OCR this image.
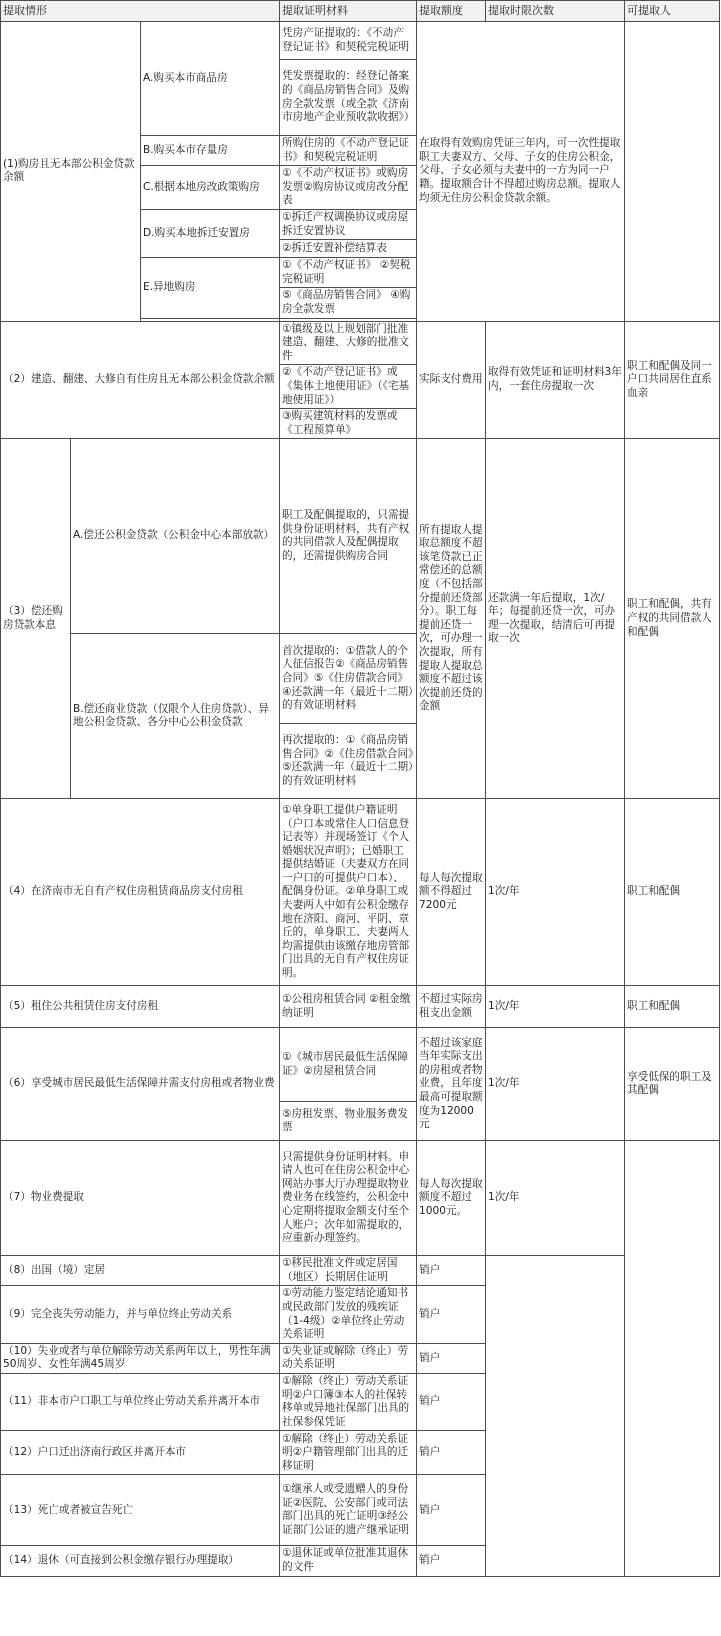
提取情形			提取证明材料	提取额度	提取时限次数	可提取人
(1)购房且无本部公积金贷款余额		A.购买本市商品房	凭房产证提取的：《不动产登记证书》和契税完税证明	在取得有效购房凭证三年内，可一次性提取职工夫妻双方、父母、子女的住房公积金，父母、子女必须与夫妻中的一方为同一户籍。提取额合计不得超过购房总额。提取人均须无住房公积金贷款余额。		
			凭发票提取的：经登记备案的《商品房销售合同》及购房全款发票（或全款《济南市房地产企业预收款收据》）			
		B.购买本市存量房	所购住房的《不动产登记证书》和契税完税证明			
		C.根据本地房改政策购房	①《不动产权证书》或购房发票②购房协议或房改分配表			
		D.购买本地拆迁安置房	①拆迁产权调换协议或房屋拆迁安置协议			
			②拆迁安置补偿结算表			
		E.异地购房	①《不动产权证书》 ②契税完税证明			
			⑤《商品房销售合同》 ④购房全款发票			

（2）建造、翻建、大修自有住房且无本部公积金贷款余额			①镇级及以上规划部门批准建造、翻建、大修的批准文件	实际支付费用	取得有效凭证和证明材料3年内，一套住房提取一次	职工和配偶及同一户口共同居住直系血亲
			②《不动产登记证书》或《集体土地使用证》（《宅基地使用证》）			
			③购买建筑材料的发票或《工程预算单》			
（3）偿还购房贷款本息	A.偿还公积金贷款（公积金中心本部放款）		职工及配偶提取的，只需提供身份证明材料，共有产权的共同借款人及配偶提取的，还需提供购房合同	所有提取人提取总额度不超该笔贷款已正常偿还的总额度（不包括部分提前还贷部分）。职工每提前还贷一次，可办理一次提取，所有提取人提取总额度不超过该次提前还贷的金额	还款满一年后提取，1次/年；每提前还贷一次，可办理一次提取，结清后可再提取一次	职工和配偶，共有产权的共同借款人和配偶
	B.偿还商业贷款（仅限个人住房贷款）、异地公积金贷款、各分中心公积金贷款		首次提取的：①借款人的个人征信报告②《商品房销售合同》⑤《住房借款合同》④还款满一年（最近十二期）的有效证明材料			
			再次提取的：①《商品房销售合同》②《住房借款合同》⑤还款满一年（最近十二期）的有效证明材料			
（4）在济南市无自有产权住房租赁商品房支付房租			①单身职工提供户籍证明（户口本或常住人口信息登记表等）并现场签订《个人婚姻状况声明》；已婚职工提供结婚证（夫妻双方在同一户口的可提供户口本）、配偶身份证。②单身职工或夫妻两人中如有公积金缴存地在济阳、商河、平阴、章丘的，单身职工、夫妻两人均需提供由该缴存地房管部门出具的无自有产权住房证明。	每人每次提取额不得超过7200元	1次/年	职工和配偶
（5）租住公共租赁住房支付房租			①公租房租赁合同 ②租金缴纳证明	不超过实际房租支出金额	1次/年	职工和配偶
（6）享受城市居民最低生活保障并需支付房租或者物业费			①《城市居民最低生活保障证》②房屋租赁合同	不超过该家庭当年实际支出的房租或者物业费，且年度最高可提取额度为12000元	1次/年	享受低保的职工及其配偶
			⑤房租发票、物业服务费发票			
（7）物业费提取			只需提供身份证明材料。申请人也可在住房公积金中心网站办事大厅办理提取物业费业务在线签约，公积金中心定期将提取金额支付至个人账户；次年如需提取的，应重新办理签约。	每人每次提取额度不超过1000元。	1次/年	
（8）出国（境）定居			①移民批准文件或定居国（地区）长期居住证明	销户		
（9）完全丧失劳动能力，并与单位终止劳动关系			①劳动能力鉴定结论通知书或民政部门发放的残疾证（1-4级）②单位终止劳动关系证明	销户		
（10）失业或者与单位解除劳动关系两年以上，男性年满50周岁、女性年满45周岁			①失业证或解除（终止）劳动关系证明	销户		
（11）非本市户口职工与单位终止劳动关系并离开本市			①解除（终止）劳动关系证明②户口簿③本人的社保转移单或异地社保部门出具的社保参保凭证	销户		
（12）户口迁出济南行政区并离开本市			①解除（终止）劳动关系证明②户籍管理部门出具的迁移证明	销户		
（13）死亡或者被宣告死亡			①继承人或受遗赠人的身份证②医院、公安部门或司法部门出具的死亡证明③经公证部门公证的遗产继承证明	销户		
（14）退休（可直接到公积金缴存银行办理提取）			①退休证或单位批准其退休的文件	销户		
